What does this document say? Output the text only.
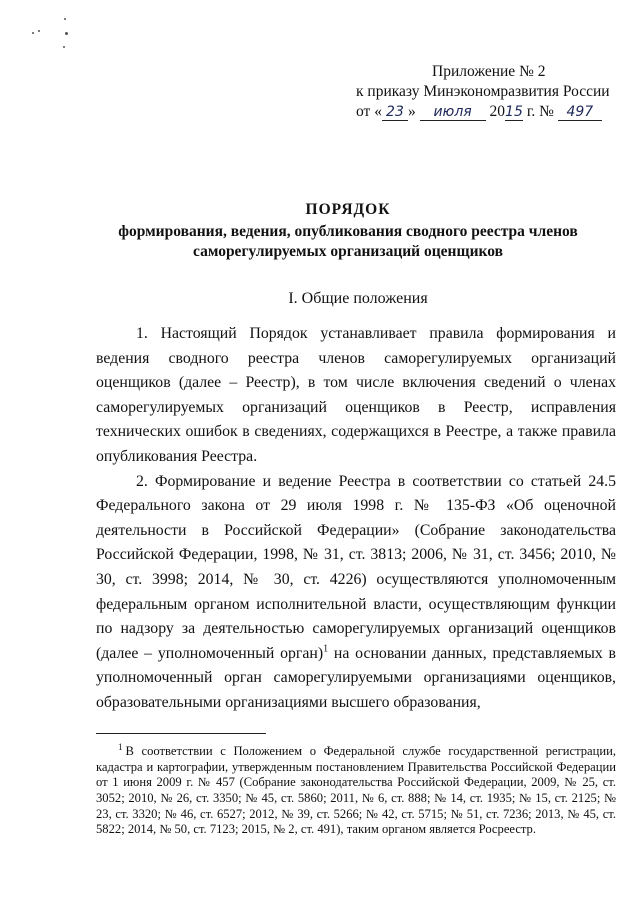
Приложение № 2
к приказу Минэкономразвития России
от « 23 » июля 2015 г. № 497
ПОРЯДОК
формирования, ведения, опубликования сводного реестра членов саморегулируемых организаций оценщиков
I. Общие положения

1. Настоящий Порядок устанавливает правила формирования и ведения сводного реестра членов саморегулируемых организаций оценщиков (далее – Реестр), в том числе включения сведений о членах саморегулируемых организаций оценщиков в Реестр, исправления технических ошибок в сведениях, содержащихся в Реестре, а также правила опубликования Реестра.

2. Формирование и ведение Реестра в соответствии со статьей 24.5 Федерального закона от 29 июля 1998 г. № 135-ФЗ «Об оценочной деятельности в Российской Федерации» (Собрание законодательства Российской Федерации, 1998, № 31, ст. 3813; 2006, № 31, ст. 3456; 2010, № 30, ст. 3998; 2014, № 30, ст. 4226) осуществляются уполномоченным федеральным органом исполнительной власти, осуществляющим функции по надзору за деятельностью саморегулируемых организаций оценщиков (далее – уполномоченный орган)$^1$ на основании данных, представляемых в уполномоченный орган саморегулируемыми организациями оценщиков, образовательными организациями высшего образования,

$^1$ В соответствии с Положением о Федеральной службе государственной регистрации, кадастра и картографии, утвержденным постановлением Правительства Российской Федерации от 1 июня 2009 г. № 457 (Собрание законодательства Российской Федерации, 2009, № 25, ст. 3052; 2010, № 26, ст. 3350; № 45, ст. 5860; 2011, № 6, ст. 888; № 14, ст. 1935; № 15, ст. 2125; № 23, ст. 3320; № 46, ст. 6527; 2012, № 39, ст. 5266; № 42, ст. 5715; № 51, ст. 7236; 2013, № 45, ст. 5822; 2014, № 50, ст. 7123; 2015, № 2, ст. 491), таким органом является Росреестр.
